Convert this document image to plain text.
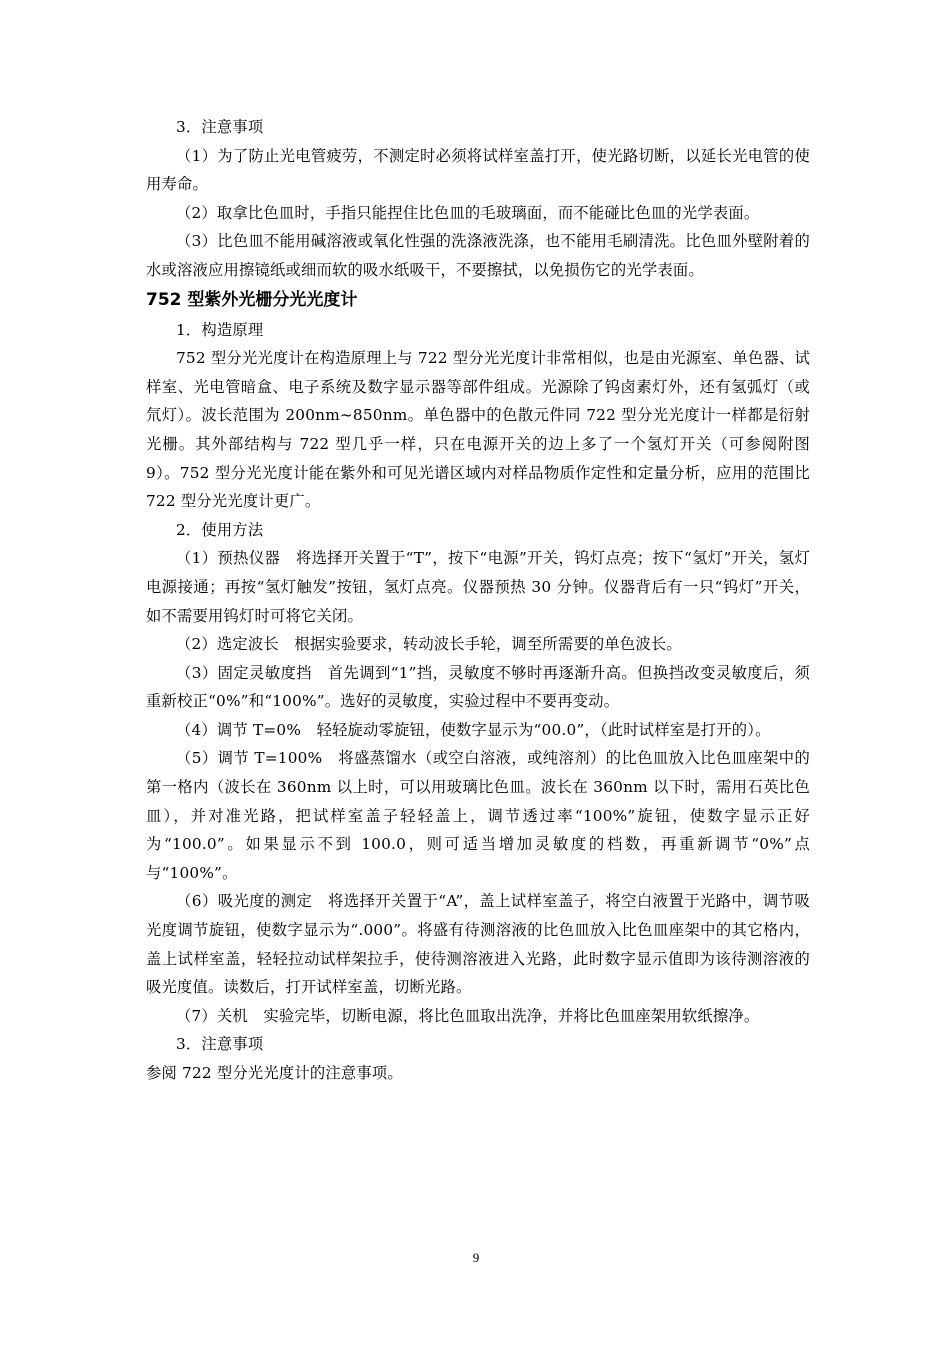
3．注意事项

（1）为了防止光电管疲劳，不测定时必须将试样室盖打开，使光路切断，以延长光电管的使用寿命。

（2）取拿比色皿时，手指只能捏住比色皿的毛玻璃面，而不能碰比色皿的光学表面。

（3）比色皿不能用碱溶液或氧化性强的洗涤液洗涤，也不能用毛刷清洗。比色皿外壁附着的水或溶液应用擦镜纸或细而软的吸水纸吸干，不要擦拭，以免损伤它的光学表面。

752 型紫外光栅分光光度计

1．构造原理

752 型分光光度计在构造原理上与 722 型分光光度计非常相似，也是由光源室、单色器、试样室、光电管暗盒、电子系统及数字显示器等部件组成。光源除了钨卤素灯外，还有氢弧灯（或氘灯）。波长范围为 200nm~850nm。单色器中的色散元件同 722 型分光光度计一样都是衍射光栅。其外部结构与 722 型几乎一样，只在电源开关的边上多了一个氢灯开关（可参阅附图 9）。752 型分光光度计能在紫外和可见光谱区域内对样品物质作定性和定量分析，应用的范围比 722 型分光光度计更广。

2．使用方法

（1）预热仪器　将选择开关置于“T”，按下“电源”开关，钨灯点亮；按下“氢灯”开关，氢灯电源接通；再按“氢灯触发”按钮，氢灯点亮。仪器预热 30 分钟。仪器背后有一只“钨灯”开关，如不需要用钨灯时可将它关闭。

（2）选定波长　根据实验要求，转动波长手轮，调至所需要的单色波长。

（3）固定灵敏度挡　首先调到“1”挡，灵敏度不够时再逐渐升高。但换挡改变灵敏度后，须重新校正“0%”和“100%”。选好的灵敏度，实验过程中不要再变动。

（4）调节 T=0%　轻轻旋动零旋钮，使数字显示为“00.0”，（此时试样室是打开的）。

（5）调节 T=100%　将盛蒸馏水（或空白溶液，或纯溶剂）的比色皿放入比色皿座架中的第一格内（波长在 360nm 以上时，可以用玻璃比色皿。波长在 360nm 以下时，需用石英比色皿），并对准光路，把试样室盖子轻轻盖上，调节透过率“100%”旋钮，使数字显示正好为“100.0”。如果显示不到 100.0，则可适当增加灵敏度的档数，再重新调节“0%”点与“100%”。

（6）吸光度的测定　将选择开关置于“A”，盖上试样室盖子，将空白液置于光路中，调节吸光度调节旋钮，使数字显示为“.000”。将盛有待测溶液的比色皿放入比色皿座架中的其它格内，盖上试样室盖，轻轻拉动试样架拉手，使待测溶液进入光路，此时数字显示值即为该待测溶液的吸光度值。读数后，打开试样室盖，切断光路。

（7）关机　实验完毕，切断电源，将比色皿取出洗净，并将比色皿座架用软纸擦净。

3．注意事项

参阅 722 型分光光度计的注意事项。

9
